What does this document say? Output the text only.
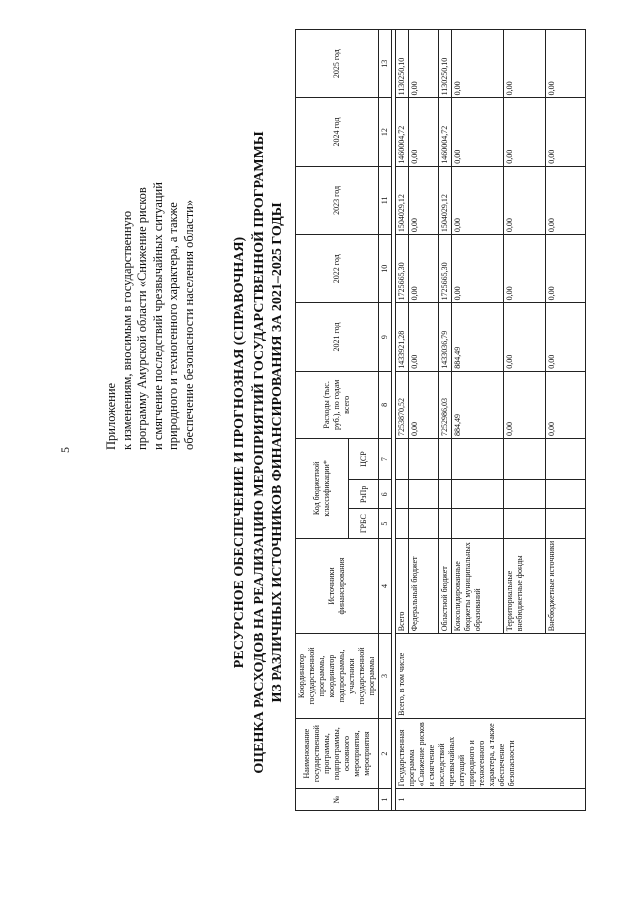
5	Приложение к изменениям, вносимым в государственную программу Амурской области «Снижение рисков и смягчение последствий чрезвычайных ситуаций природного и техногенного характера, а также обеспечение безопасности населения области»	РЕСУРСНОЕ ОБЕСПЕЧЕНИЕ И ПРОГНОЗНАЯ (СПРАВОЧНАЯ) ОЦЕНКА РАСХОДОВ НА РЕАЛИЗАЦИЮ МЕРОПРИЯТИЙ ГОСУДАРСТВЕННОЙ ПРОГРАММЫ ИЗ РАЗЛИЧНЫХ ИСТОЧНИКОВ ФИНАНСИРОВАНИЯ ЗА 2021–2025 ГОДЫ
№	Наименование государственной программы, подпрограммы, основного мероприятия, мероприятия	Координатор государственной программы, координатор подпрограммы, участники государственной программы	Источники финансирования	Код бюджетной классификации*			Расходы (тыс. руб.), по годам всего	2021 год	2022 год	2023 год	2024 год	2025 год
				ГРБС	РзПр	ЦСР						
1	2	3	4	5	6	7	8	9	10	11	12	13

1	Государственная программа «Снижение рисков и смягчение последствий чрезвычайных ситуаций природного и техногенного характера, а также обеспечение безопасности	Всего, в том числе	Всего				7253870,52	1433921,28	1725665,30	1504029,12	1460004,72	1130250,10
			Федеральный бюджет				0,00	0,00	0,00	0,00	0,00	0,00
			Областной бюджет				7252986,03	1433036,79	1725665,30	1504029,12	1460004,72	1130250,10
			Консолидированные бюджеты муниципальных образований				884,49	884,49	0,00	0,00	0,00	0,00
			Территориальные внебюджетные фонды				0,00	0,00	0,00	0,00	0,00	0,00
			Внебюджетные источники				0,00	0,00	0,00	0,00	0,00	0,00
